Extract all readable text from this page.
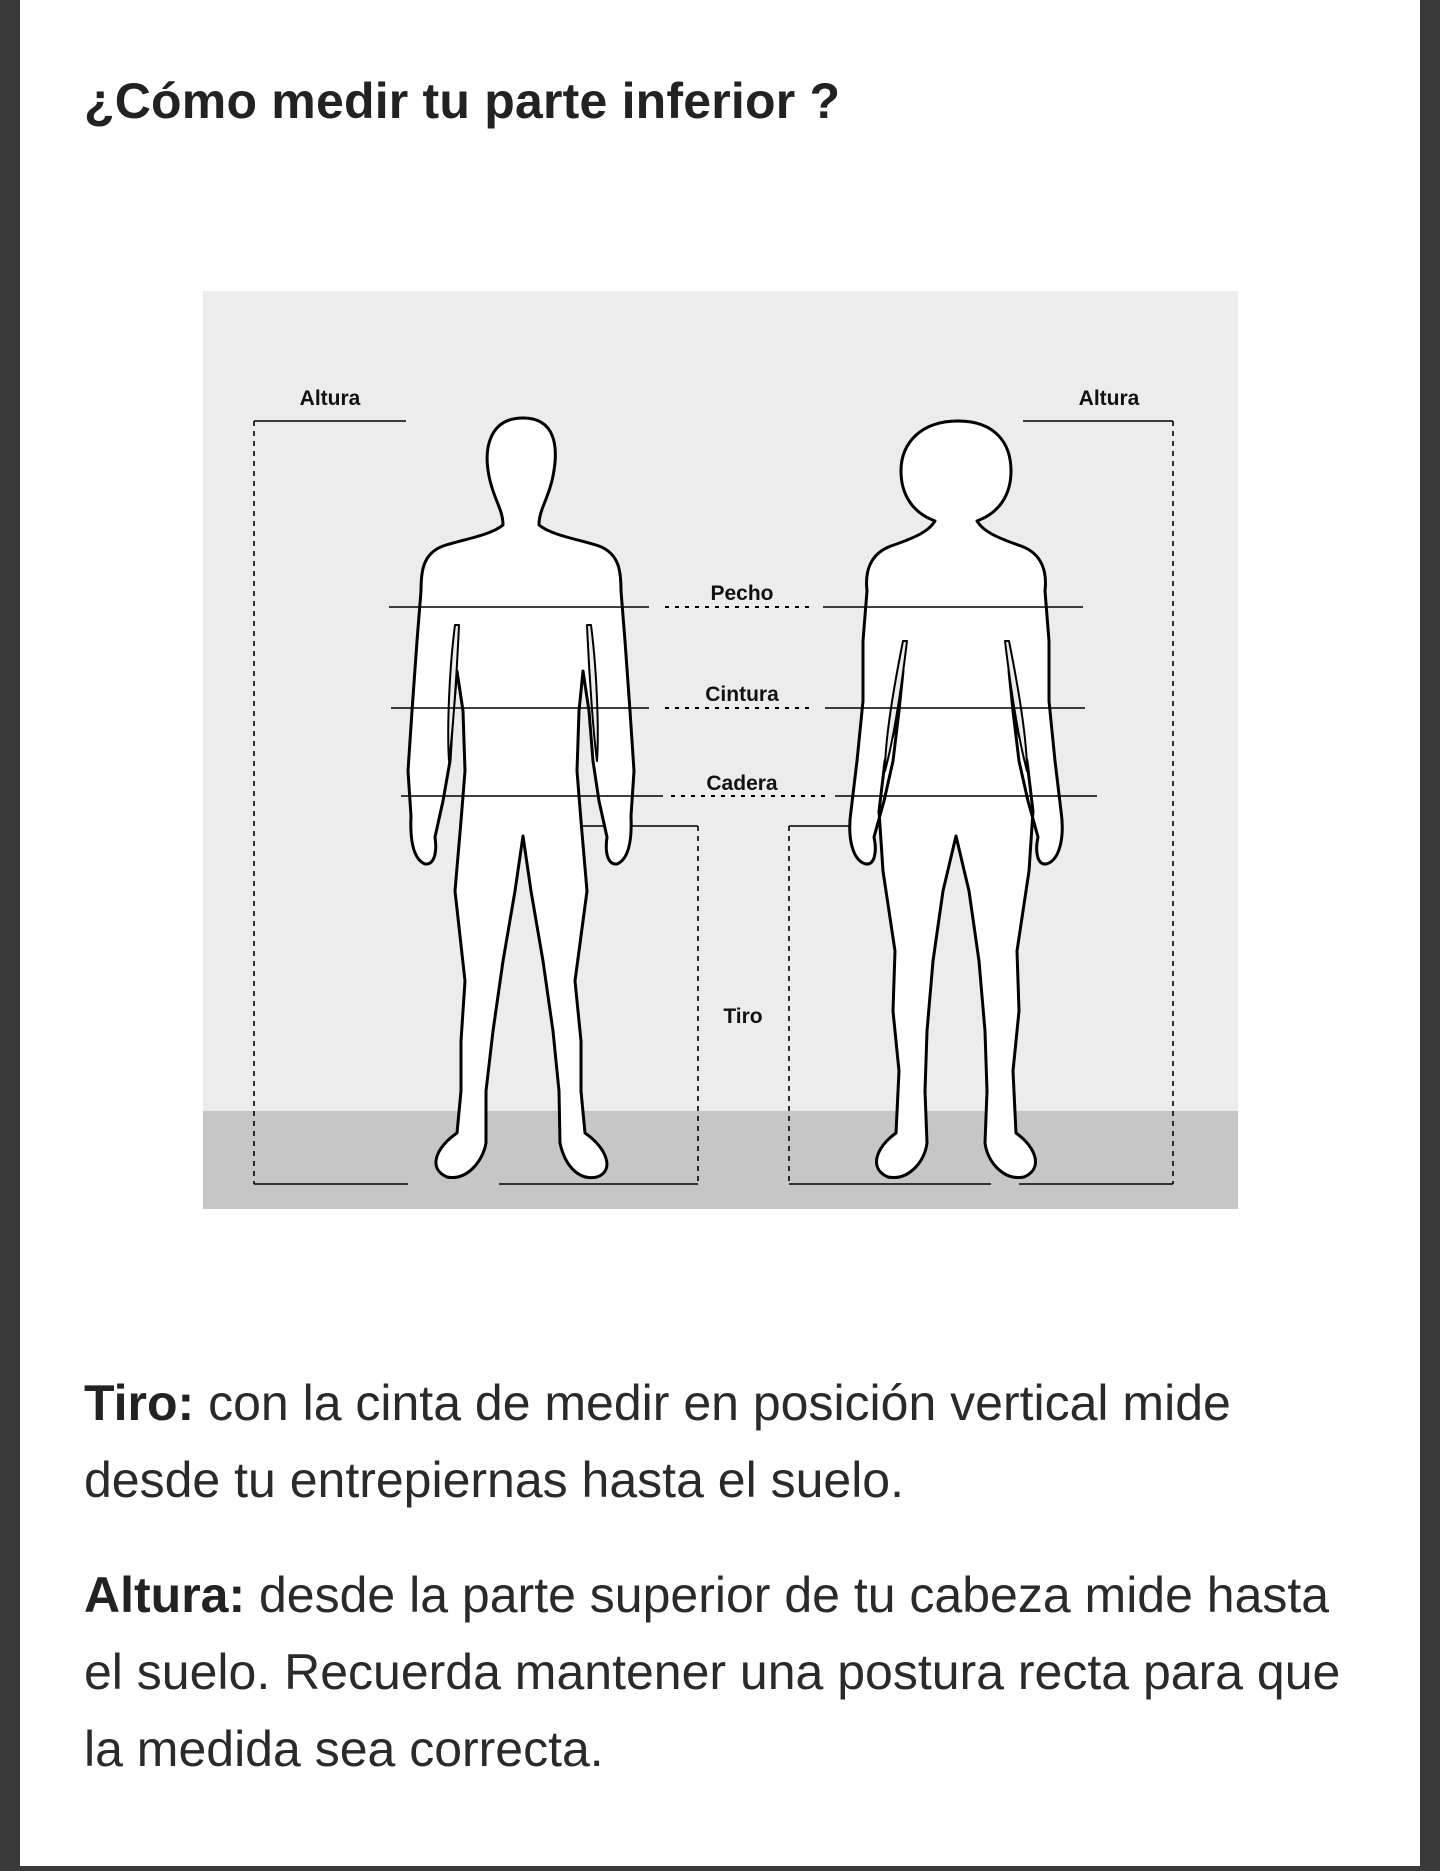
¿Cómo medir tu parte inferior ?
Altura	Altura
Pecho
Cintura
Cadera
Tiro

Tiro: con la cinta de medir en posición vertical mide desde tu entrepiernas hasta el suelo.

Altura: desde la parte superior de tu cabeza mide hasta el suelo. Recuerda mantener una postura recta para que la medida sea correcta.
